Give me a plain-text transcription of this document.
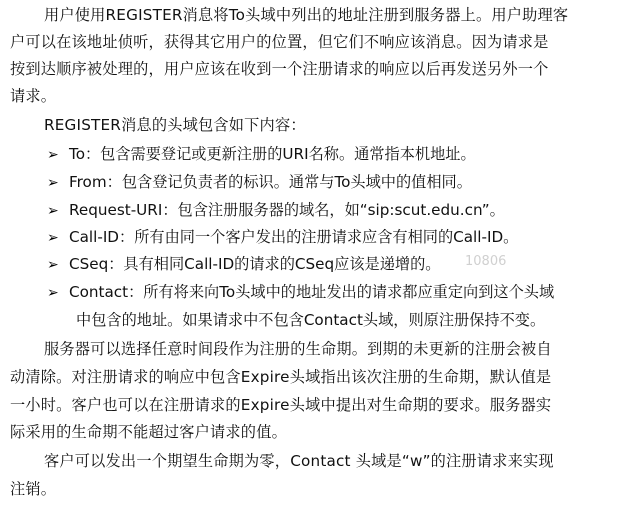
用户使用REGISTER消息将To头域中列出的地址注册到服务器上。用户助理客
户可以在该地址侦听，获得其它用户的位置，但它们不响应该消息。因为请求是
按到达顺序被处理的，用户应该在收到一个注册请求的响应以后再发送另外一个
请求。
REGISTER消息的头域包含如下内容：
➢ To：包含需要登记或更新注册的URI名称。通常指本机地址。
➢ From：包含登记负责者的标识。通常与To头域中的值相同。
➢ Request-URI：包含注册服务器的域名，如“sip:scut.edu.cn”。
➢ Call-ID：所有由同一个客户发出的注册请求应含有相同的Call-ID。
➢ CSeq：具有相同Call-ID的请求的CSeq应该是递增的。
➢ Contact：所有将来向To头域中的地址发出的请求都应重定向到这个头域
中包含的地址。如果请求中不包含Contact头域，则原注册保持不变。
服务器可以选择任意时间段作为注册的生命期。到期的未更新的注册会被自
动清除。对注册请求的响应中包含Expire头域指出该次注册的生命期，默认值是
一小时。客户也可以在注册请求的Expire头域中提出对生命期的要求。服务器实
际采用的生命期不能超过客户请求的值。
客户可以发出一个期望生命期为零，Contact 头域是“w”的注册请求来实现
注销。
10806
